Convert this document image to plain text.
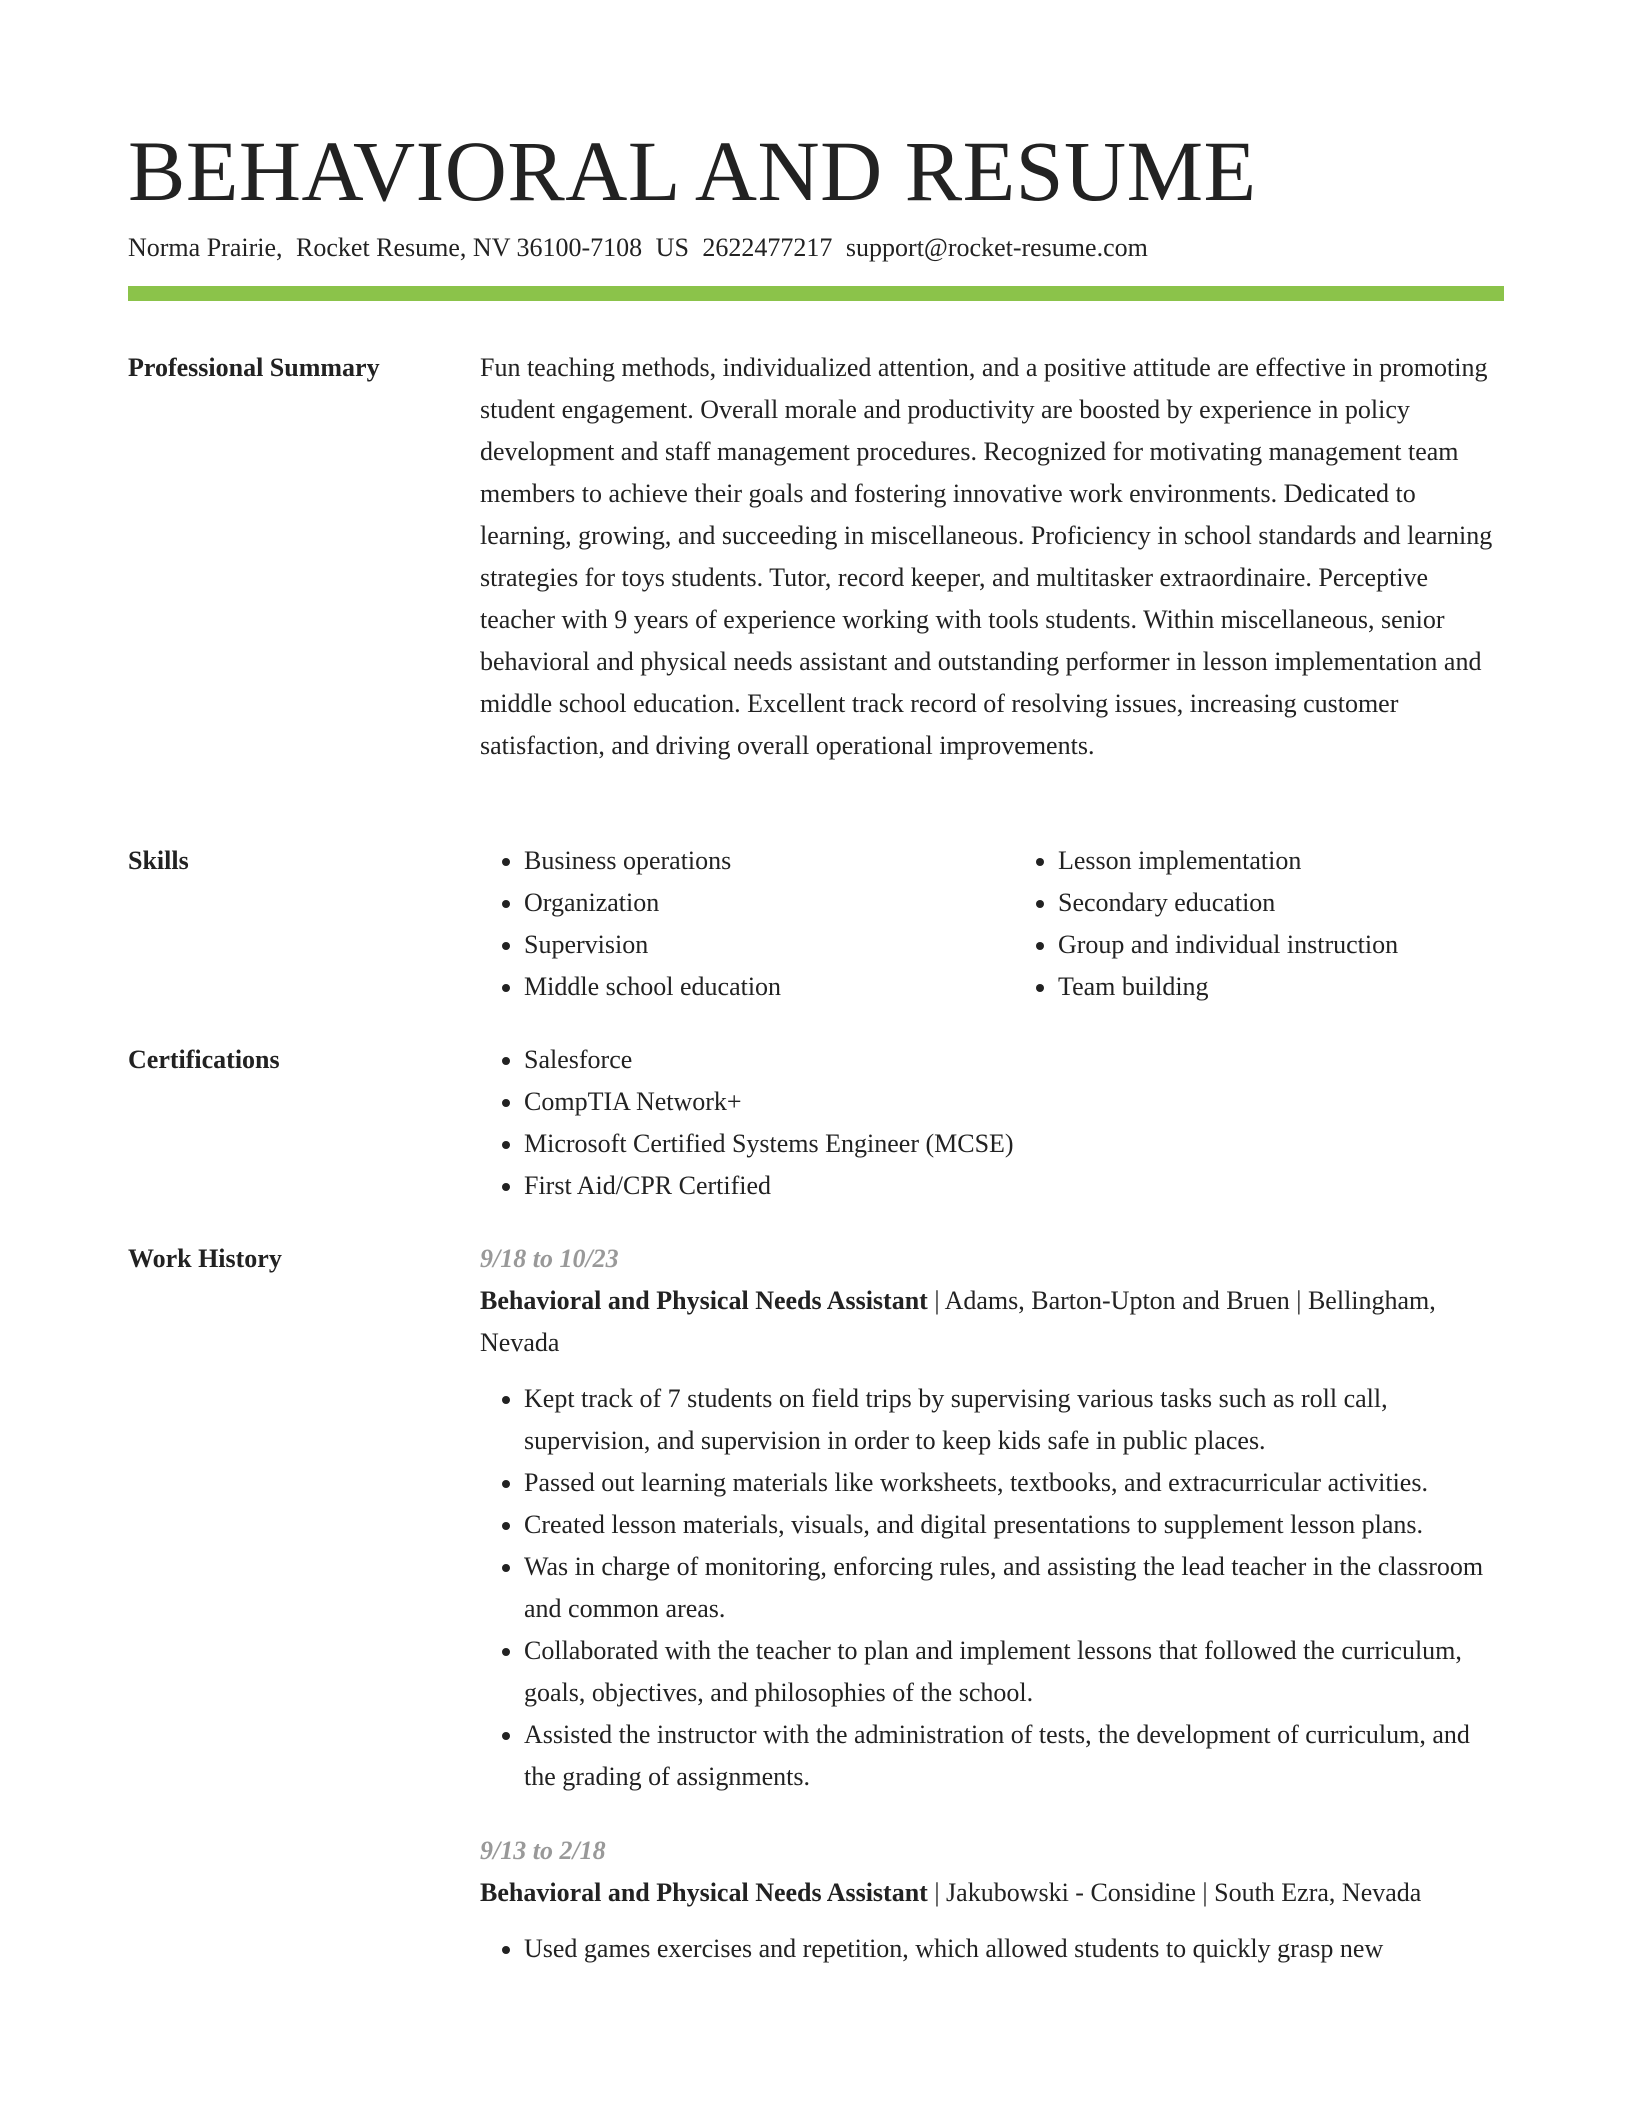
BEHAVIORAL AND RESUME
Norma Prairie, Rocket Resume, NV 36100-7108 US 2622477217 support@rocket-resume.com
Professional Summary	Fun teaching methods, individualized attention, and a positive attitude are effective in promoting student engagement. Overall morale and productivity are boosted by experience in policy development and staff management procedures. Recognized for motivating management team members to achieve their goals and fostering innovative work environments. Dedicated to learning, growing, and succeeding in miscellaneous. Proficiency in school standards and learning strategies for toys students. Tutor, record keeper, and multitasker extraordinaire. Perceptive teacher with 9 years of experience working with tools students. Within miscellaneous, senior behavioral and physical needs assistant and outstanding performer in lesson implementation and middle school education. Excellent track record of resolving issues, increasing customer satisfaction, and driving overall operational improvements.

Skills	• Business operations
• Organization
• Supervision
• Middle school education
• Lesson implementation
• Secondary education
• Group and individual instruction
• Team building
Certifications	• Salesforce
• CompTIA Network+
• Microsoft Certified Systems Engineer (MCSE)
• First Aid/CPR Certified
Work History	9/18 to 10/23
Behavioral and Physical Needs Assistant | Adams, Barton-Upton and Bruen | Bellingham, Nevada
• Kept track of 7 students on field trips by supervising various tasks such as roll call, supervision, and supervision in order to keep kids safe in public places.
• Passed out learning materials like worksheets, textbooks, and extracurricular activities.
• Created lesson materials, visuals, and digital presentations to supplement lesson plans.
• Was in charge of monitoring, enforcing rules, and assisting the lead teacher in the classroom and common areas.
• Collaborated with the teacher to plan and implement lessons that followed the curriculum, goals, objectives, and philosophies of the school.
• Assisted the instructor with the administration of tests, the development of curriculum, and the grading of assignments.
9/13 to 2/18
Behavioral and Physical Needs Assistant | Jakubowski - Considine | South Ezra, Nevada
• Used games exercises and repetition, which allowed students to quickly grasp new
